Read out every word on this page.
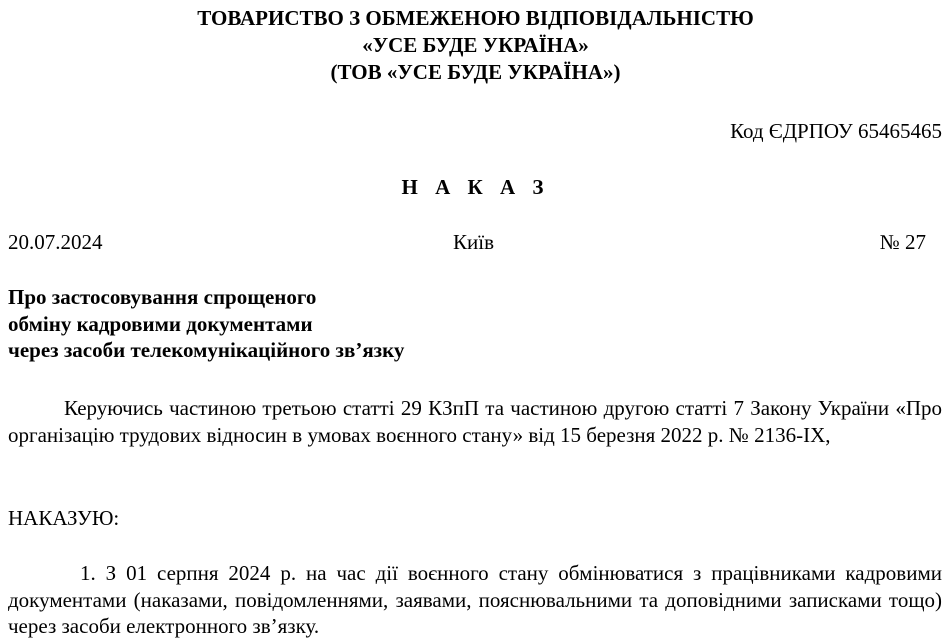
ТОВАРИСТВО З ОБМЕЖЕНОЮ ВІДПОВІДАЛЬНІСТЮ
«УСЕ БУДЕ УКРАЇНА»
(ТОВ «УСЕ БУДЕ УКРАЇНА»)
Код ЄДРПОУ 65465465
Н А К А З
20.07.2024	Київ	№ 27
Про застосовування спрощеного
обміну кадровими документами
через засоби телекомунікаційного зв’язку
Керуючись частиною третьою статті 29 КЗпП та частиною другою статті 7 Закону України «Про організацію трудових відносин в умовах воєнного стану» від 15 березня 2022 р. № 2136-IX,
НАКАЗУЮ:
1. З 01 серпня 2024 р. на час дії воєнного стану обмінюватися з працівниками кадровими документами (наказами, повідомленнями, заявами, пояснювальними та доповідними записками тощо) через засоби електронного зв’язку.
